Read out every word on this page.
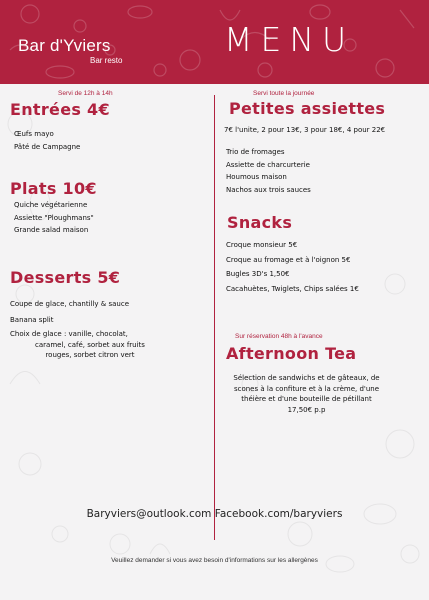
Bar d'Yviers
Bar resto
MENU
Servi de 12h à 14h
Entrées 4€
Œufs mayo
Pâté de Campagne
Plats 10€
Quiche végétarienne
Assiette "Ploughmans"
Grande salad maison
Desserts 5€
Coupe de glace, chantilly & sauce
Banana split
Choix de glace : vanille, chocolat,
caramel, café, sorbet aux fruits
rouges, sorbet citron vert
Servi toute la journée
Petites assiettes
7€ l'unite, 2 pour 13€, 3 pour 18€, 4 pour 22€
Trio de fromages
Assiette de charcurterie
Houmous maison
Nachos aux trois sauces
Snacks
Croque monsieur 5€
Croque au fromage et à l'oignon 5€
Bugles 3D's 1,50€
Cacahuètes, Twiglets, Chips salées 1€
Sur réservation 48h à l'avance
Afternoon Tea
Sélection de sandwichs et de gâteaux, de
scones à la confiture et à la crème, d'une
théière et d'une bouteille de pétillant
17,50€ p.p
Baryviers@outlook.com Facebook.com/baryviers
Veuillez demander si vous avez besoin d'informations sur les allergènes
